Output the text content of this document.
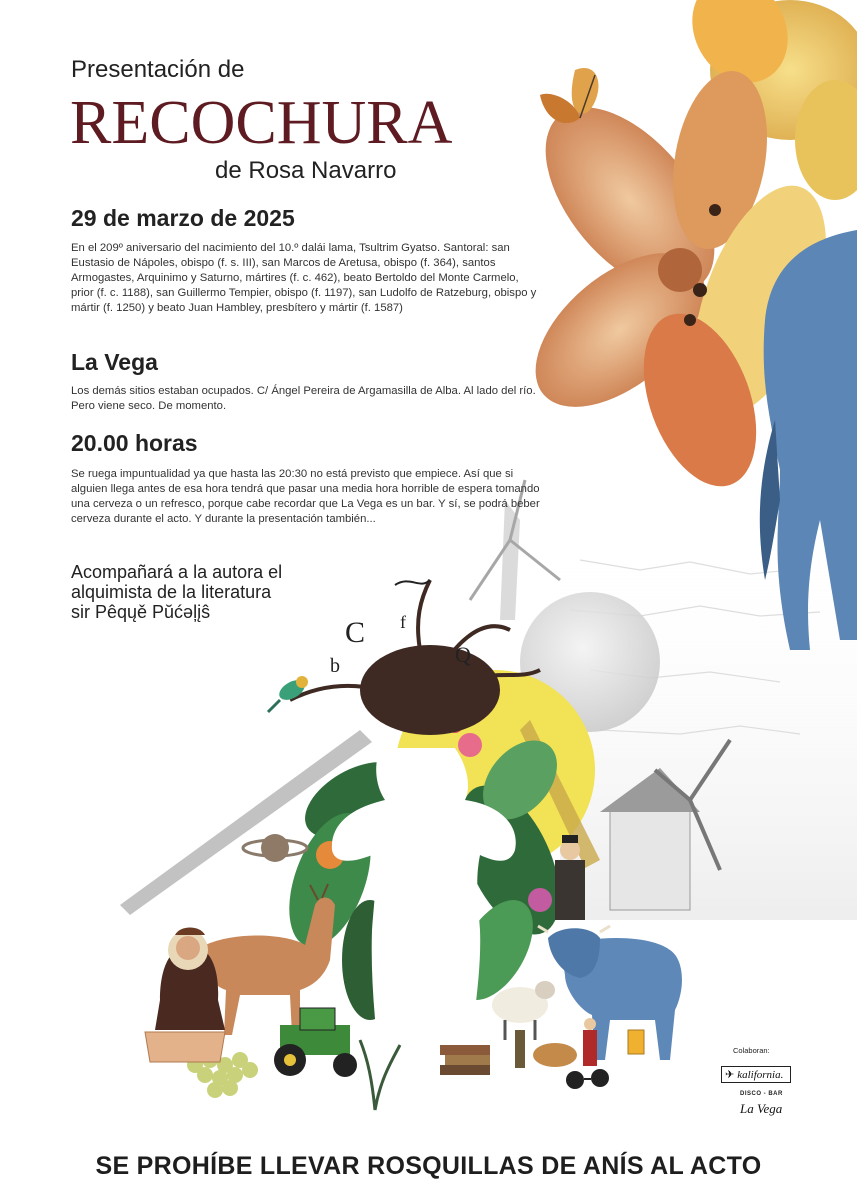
C
Q
f
b
Presentación de
RECOCHURA
de Rosa Navarro
29 de marzo de 2025
En el 209º aniversario del nacimiento del 10.º dalái lama, Tsultrim Gyatso. Santoral: san Eustasio de Nápoles, obispo (f. s. III), san Marcos de Aretusa, obispo (f. 364), santos Armogastes, Arquinimo y Saturno, mártires (f. c. 462), beato Bertoldo del Monte Carmelo, prior (f. c. 1188), san Guillermo Tempier, obispo (f. 1197), san Ludolfo de Ratzeburg, obispo y mártir (f. 1250) y beato Juan Hambley, presbítero y mártir (f. 1587)
La Vega
Los demás sitios estaban ocupados. C/ Ángel Pereira de Argamasilla de Alba. Al lado del río. Pero viene seco. De momento.
20.00 horas
Se ruega impuntualidad ya que hasta las 20:30 no está previsto que empiece. Así que si alguien llega antes de esa hora tendrá que pasar una media hora horrible de espera tomando una cerveza o un refresco, porque cabe recordar que La Vega es un bar. Y sí, se podrá beber cerveza durante el acto. Y durante la presentación también...
Acompañará a la autora el
alquimista de la literatura
sir Pêqųě Pŭćəļįŝ
Colaboran:
✈ kalifornia.
DISCO - BAR
La Vega
SE PROHÍBE LLEVAR ROSQUILLAS DE ANÍS AL ACTO
